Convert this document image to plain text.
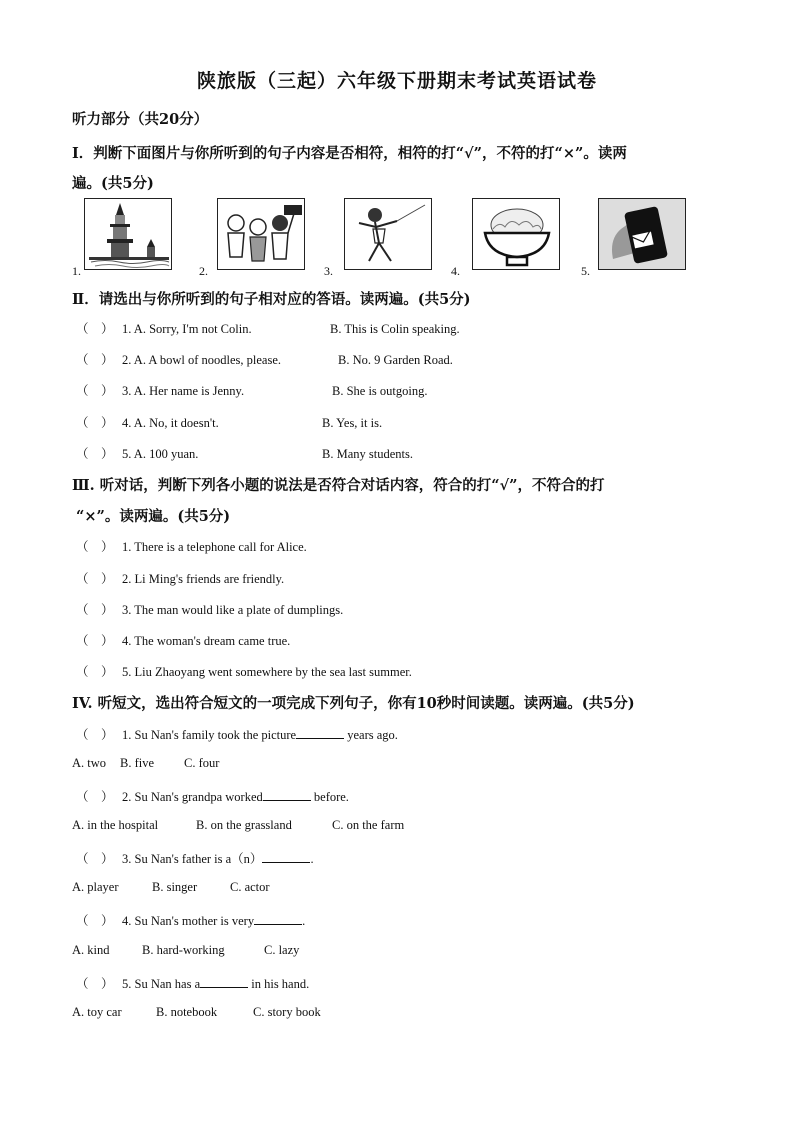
陕旅版（三起）六年级下册期末考试英语试卷
听力部分（共20分）
Ⅰ．判断下面图片与你所听到的句子内容是否相符，相符的打“√”，不符的打“×”。读两
遍。(共5分)
1.	2.	3.	4.	5.
Ⅱ．请选出与你所听到的句子相对应的答语。读两遍。(共5分)
（　） 1. A. Sorry, I'm not Colin.	B. This is Colin speaking.
（　） 2. A. A bowl of noodles, please.	B. No. 9 Garden Road.
（　） 3. A. Her name is Jenny.	B. She is outgoing.
（　） 4. A. No, it doesn't.	B. Yes, it is.
（　） 5. A. 100 yuan.	B. Many students.
Ⅲ. 听对话，判断下列各小题的说法是否符合对话内容，符合的打“√”，不符合的打
“×”。读两遍。(共5分)
（　） 1. There is a telephone call for Alice.
（　） 2. Li Ming's friends are friendly.
（　） 3. The man would like a plate of dumplings.
（　） 4. The woman's dream came true.
（　） 5. Liu Zhaoyang went somewhere by the sea last summer.
IV. 听短文，选出符合短文的一项完成下列句子，你有10秒时间读题。读两遍。(共5分)
（　） 1. Su Nan's family took the picture	years ago.
A. two B. five C. four
（　） 2. Su Nan's grandpa worked	before.
A. in the hospital	B. on the grassland	C. on the farm
（　） 3. Su Nan's father is a（n）	.
A. player	B. singer	C. actor
（　） 4. Su Nan's mother is very	.
A. kind	B. hard-working	C. lazy
（　） 5. Su Nan has a	in his hand.
A. toy car	B. notebook	C. story book
